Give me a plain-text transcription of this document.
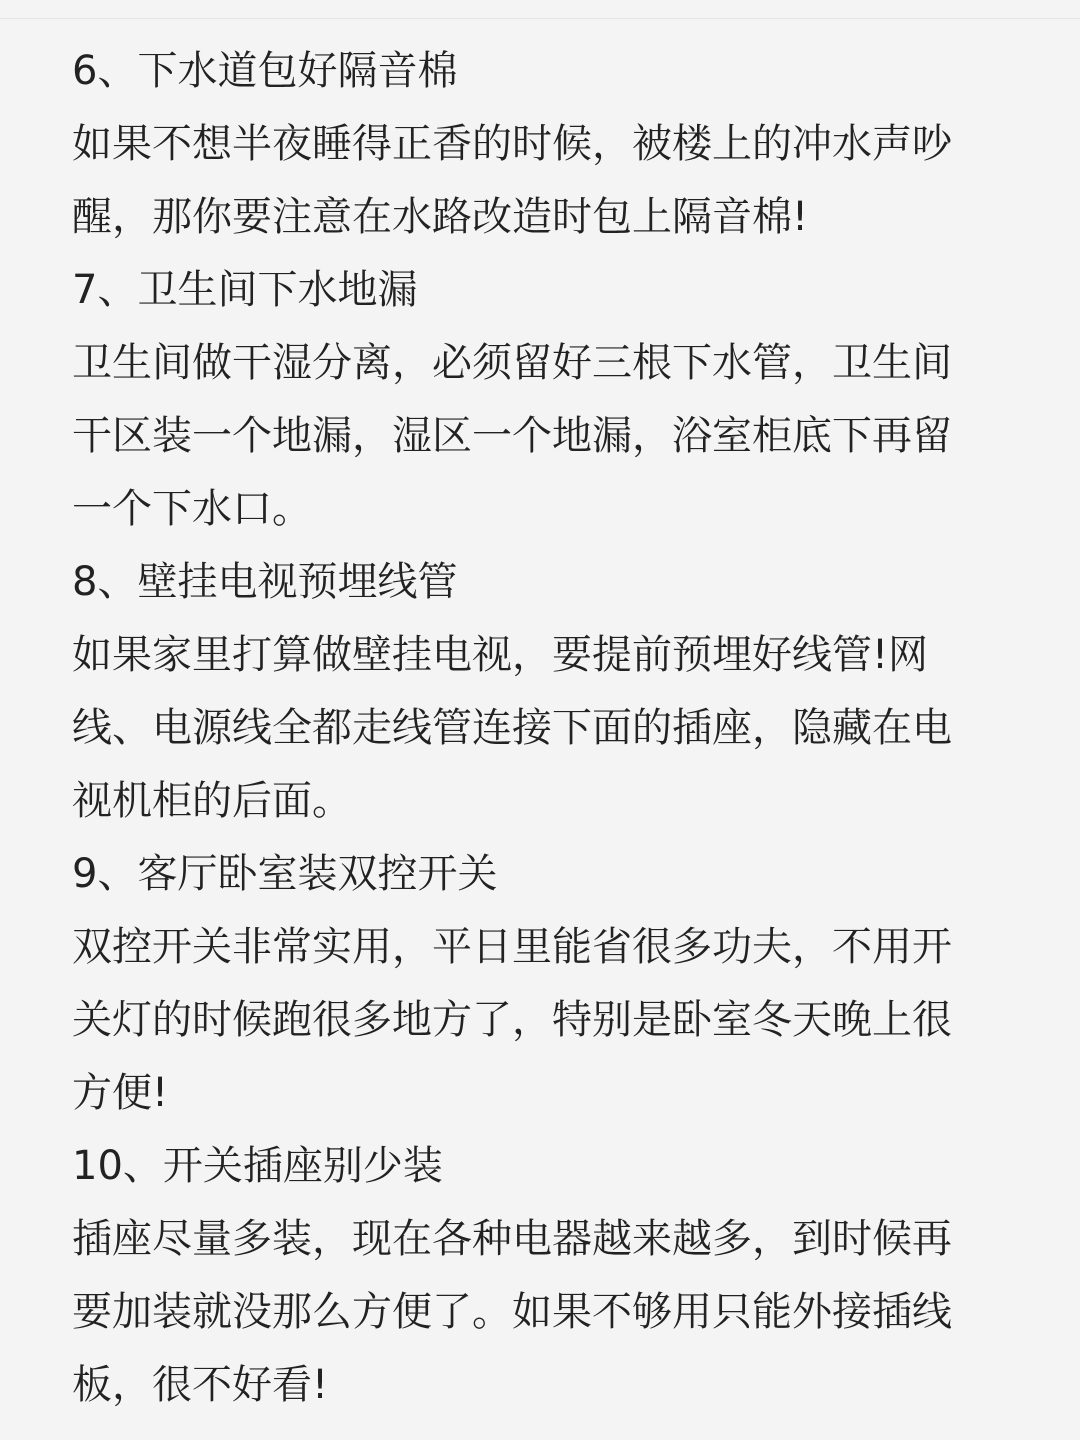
6、下水道包好隔音棉
如果不想半夜睡得正香的时候，被楼上的冲水声吵
醒，那你要注意在水路改造时包上隔音棉!
7、卫生间下水地漏
卫生间做干湿分离，必须留好三根下水管，卫生间
干区装一个地漏，湿区一个地漏，浴室柜底下再留
一个下水口。
8、壁挂电视预埋线管
如果家里打算做壁挂电视，要提前预埋好线管!网
线、电源线全都走线管连接下面的插座，隐藏在电
视机柜的后面。
9、客厅卧室装双控开关
双控开关非常实用，平日里能省很多功夫，不用开
关灯的时候跑很多地方了，特别是卧室冬天晚上很
方便!
10、开关插座别少装
插座尽量多装，现在各种电器越来越多，到时候再
要加装就没那么方便了。如果不够用只能外接插线
板，很不好看!
